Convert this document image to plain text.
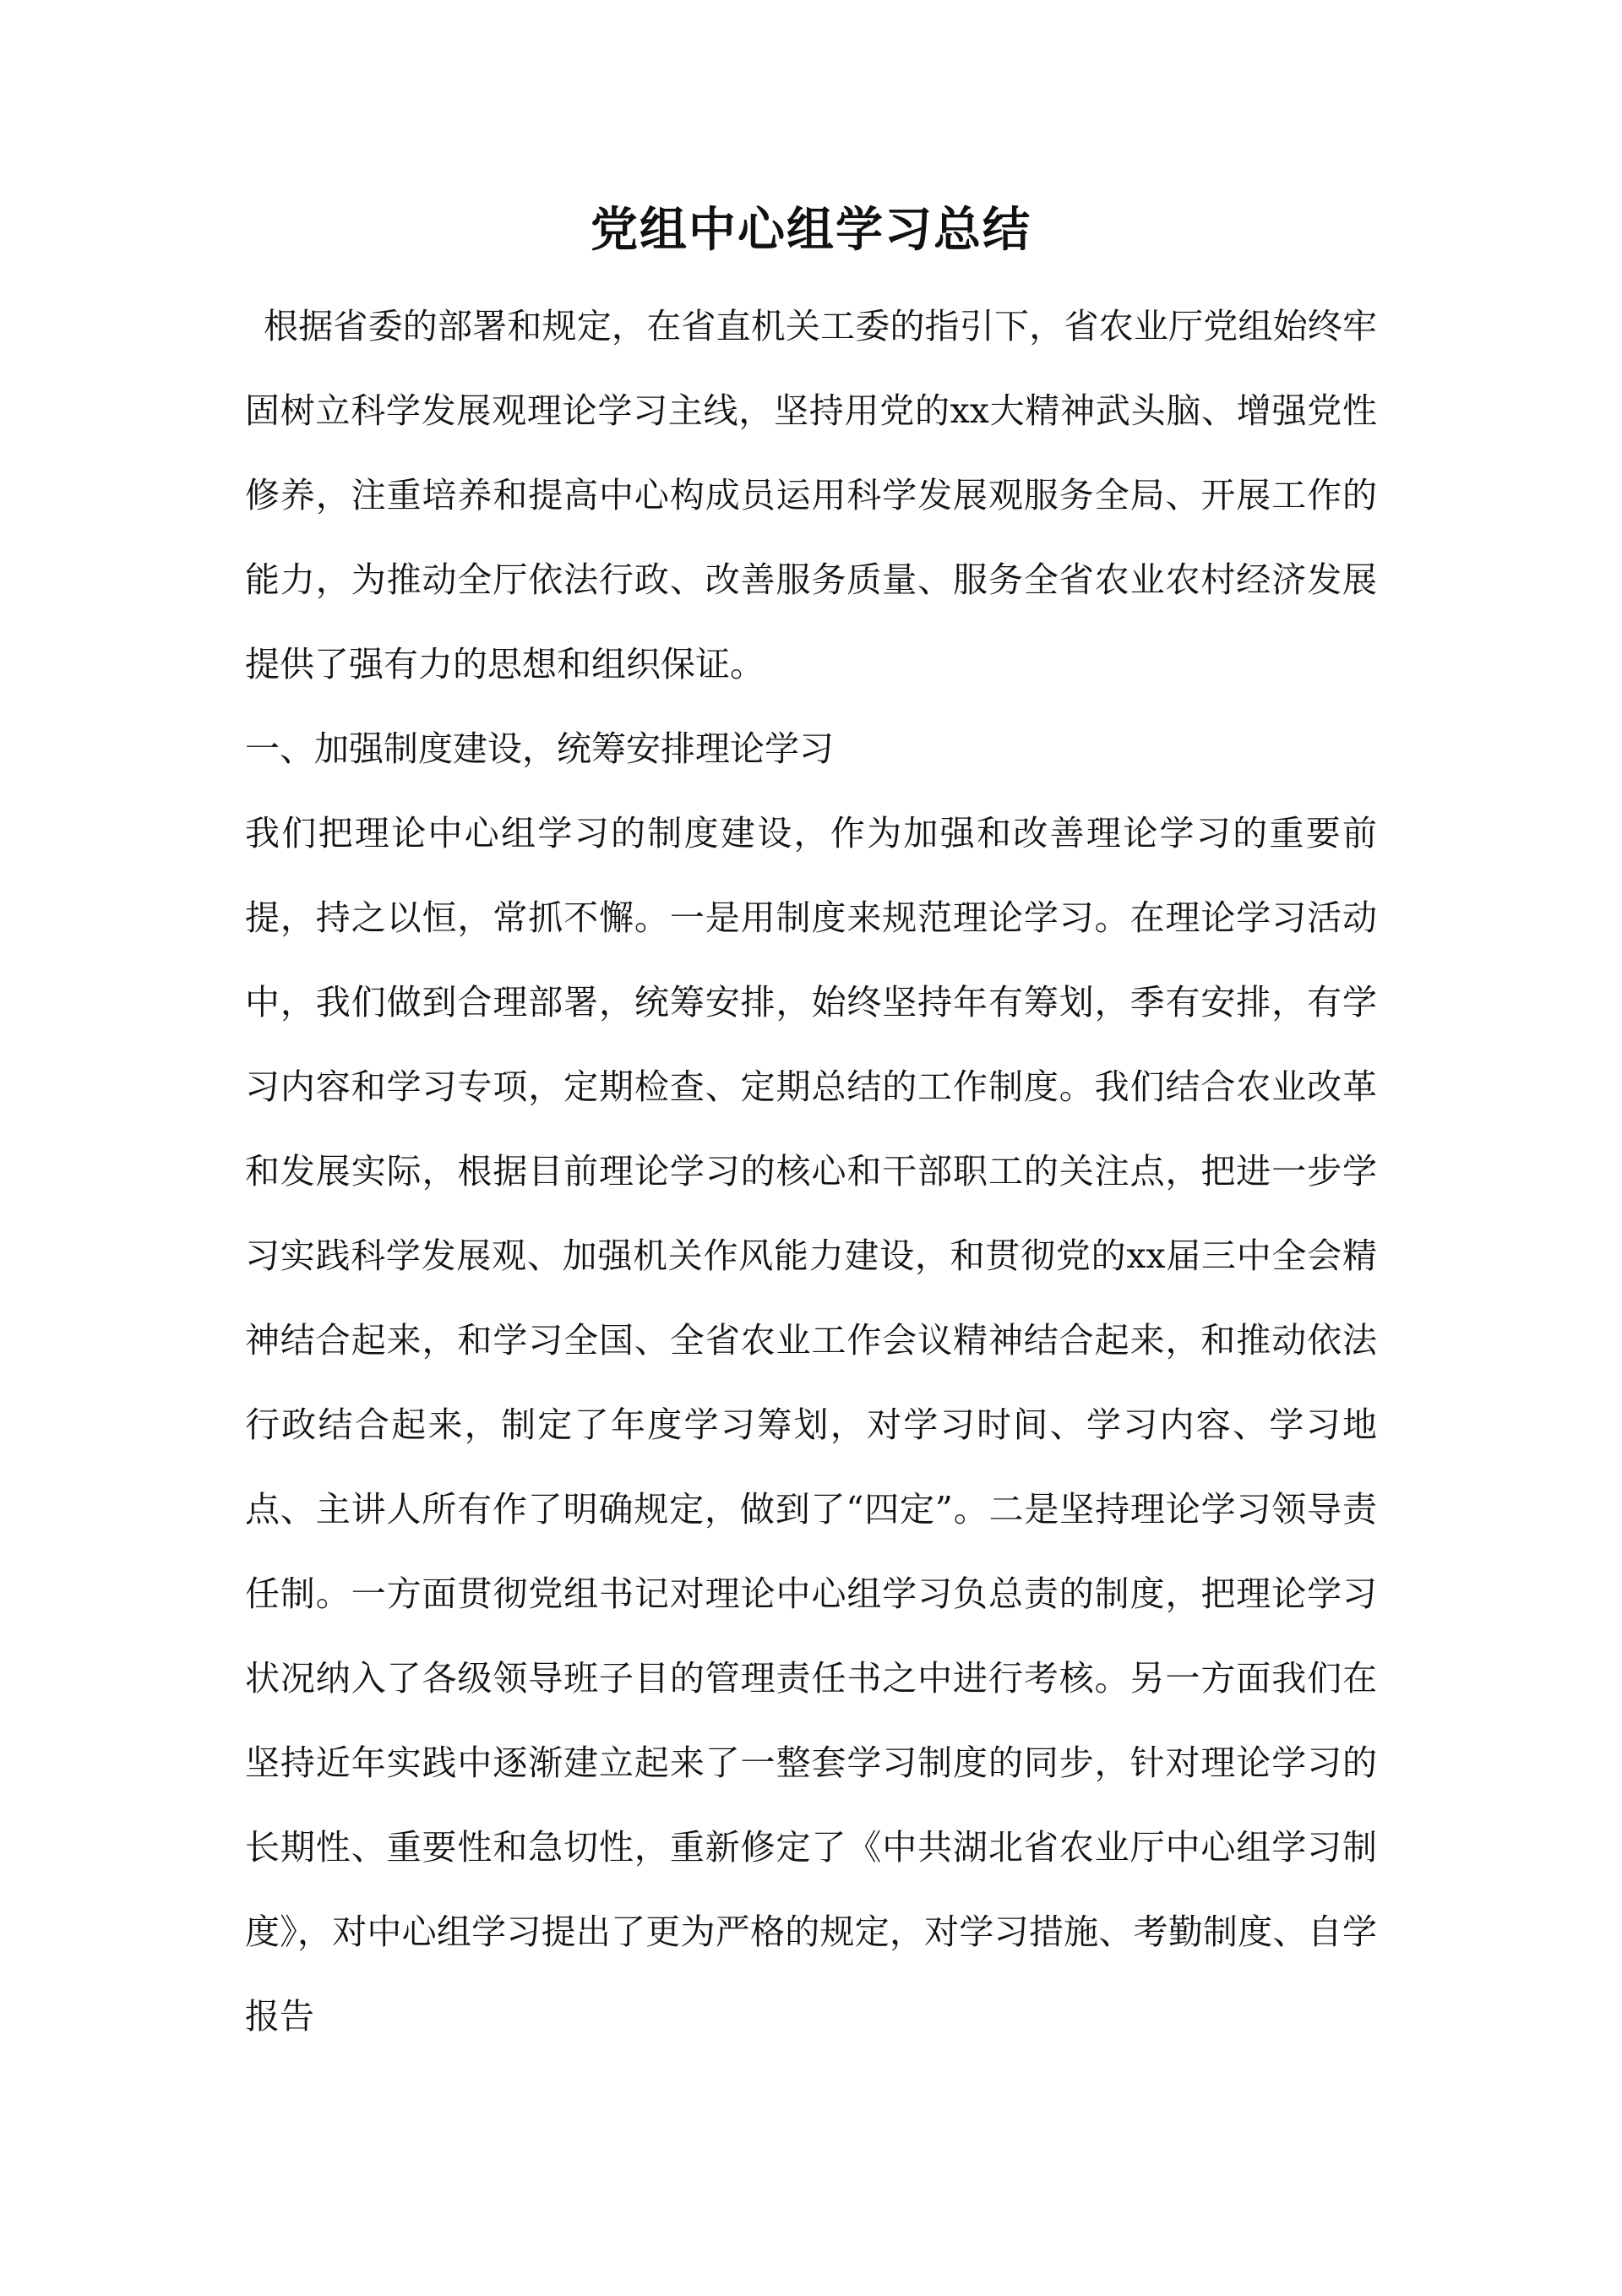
党组中心组学习总结

根据省委的部署和规定，在省直机关工委的指引下，省农业厅党组始终牢固树立科学发展观理论学习主线，坚持用党的xx大精神武头脑、增强党性修养，注重培养和提高中心构成员运用科学发展观服务全局、开展工作的能力，为推动全厅依法行政、改善服务质量、服务全省农业农村经济发展提供了强有力的思想和组织保证。

一、加强制度建设，统筹安排理论学习

我们把理论中心组学习的制度建设，作为加强和改善理论学习的重要前提，持之以恒，常抓不懈。一是用制度来规范理论学习。在理论学习活动中，我们做到合理部署，统筹安排，始终坚持年有筹划，季有安排，有学习内容和学习专项，定期检查、定期总结的工作制度。我们结合农业改革和发展实际，根据目前理论学习的核心和干部职工的关注点，把进一步学习实践科学发展观、加强机关作风能力建设，和贯彻党的xx届三中全会精神结合起来，和学习全国、全省农业工作会议精神结合起来，和推动依法行政结合起来，制定了年度学习筹划，对学习时间、学习内容、学习地点、主讲人所有作了明确规定，做到了“四定”。二是坚持理论学习领导责任制。一方面贯彻党组书记对理论中心组学习负总责的制度，把理论学习状况纳入了各级领导班子目的管理责任书之中进行考核。另一方面我们在坚持近年实践中逐渐建立起来了一整套学习制度的同步，针对理论学习的长期性、重要性和急切性，重新修定了《中共湖北省农业厅中心组学习制度》，对中心组学习提出了更为严格的规定，对学习措施、考勤制度、自学报告
